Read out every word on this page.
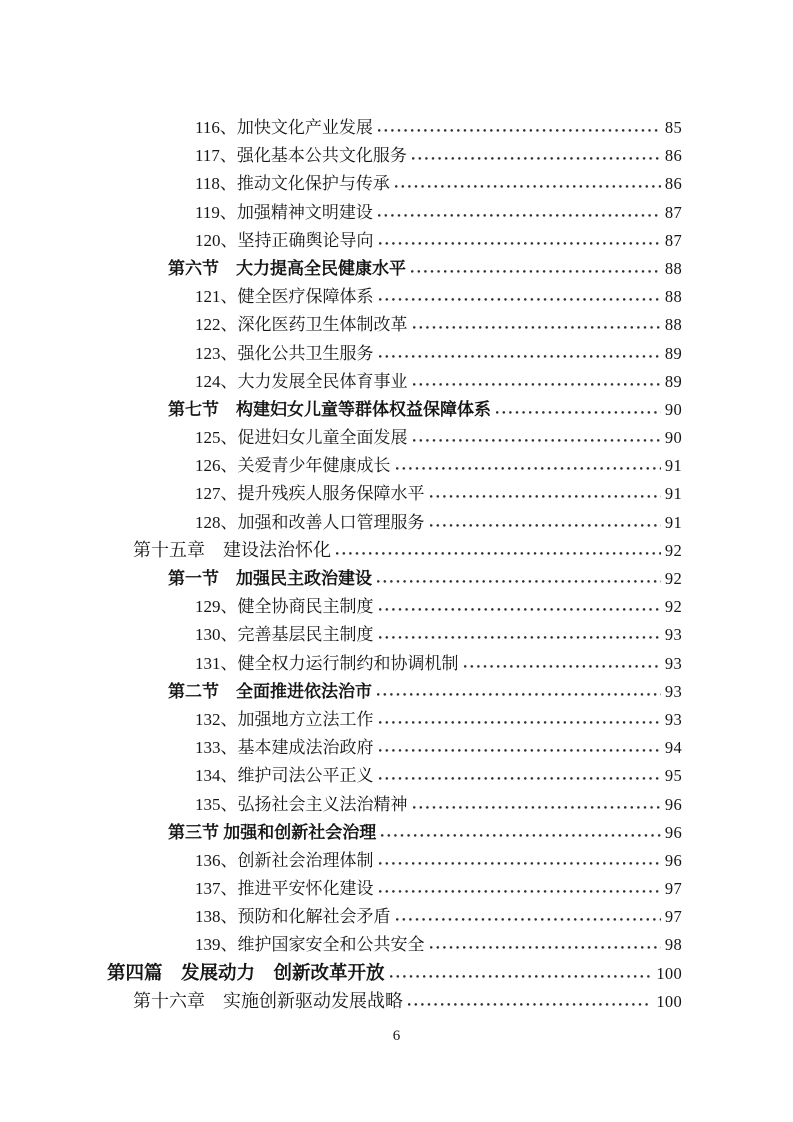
116、加快文化产业发展	85
117、强化基本公共文化服务	86
118、推动文化保护与传承	86
119、加强精神文明建设	87
120、坚持正确舆论导向	87
第六节　大力提高全民健康水平	88
121、健全医疗保障体系	88
122、深化医药卫生体制改革	88
123、强化公共卫生服务	89
124、大力发展全民体育事业	89
第七节　构建妇女儿童等群体权益保障体系	90
125、促进妇女儿童全面发展	90
126、关爱青少年健康成长	91
127、提升残疾人服务保障水平	91
128、加强和改善人口管理服务	91
第十五章　建设法治怀化	92
第一节　加强民主政治建设	92
129、健全协商民主制度	92
130、完善基层民主制度	93
131、健全权力运行制约和协调机制	93
第二节　全面推进依法治市	93
132、加强地方立法工作	93
133、基本建成法治政府	94
134、维护司法公平正义	95
135、弘扬社会主义法治精神	96
第三节 加强和创新社会治理	96
136、创新社会治理体制	96
137、推进平安怀化建设	97
138、预防和化解社会矛盾	97
139、维护国家安全和公共安全	98
第四篇　发展动力　创新改革开放	100
第十六章　实施创新驱动发展战略	100
6
